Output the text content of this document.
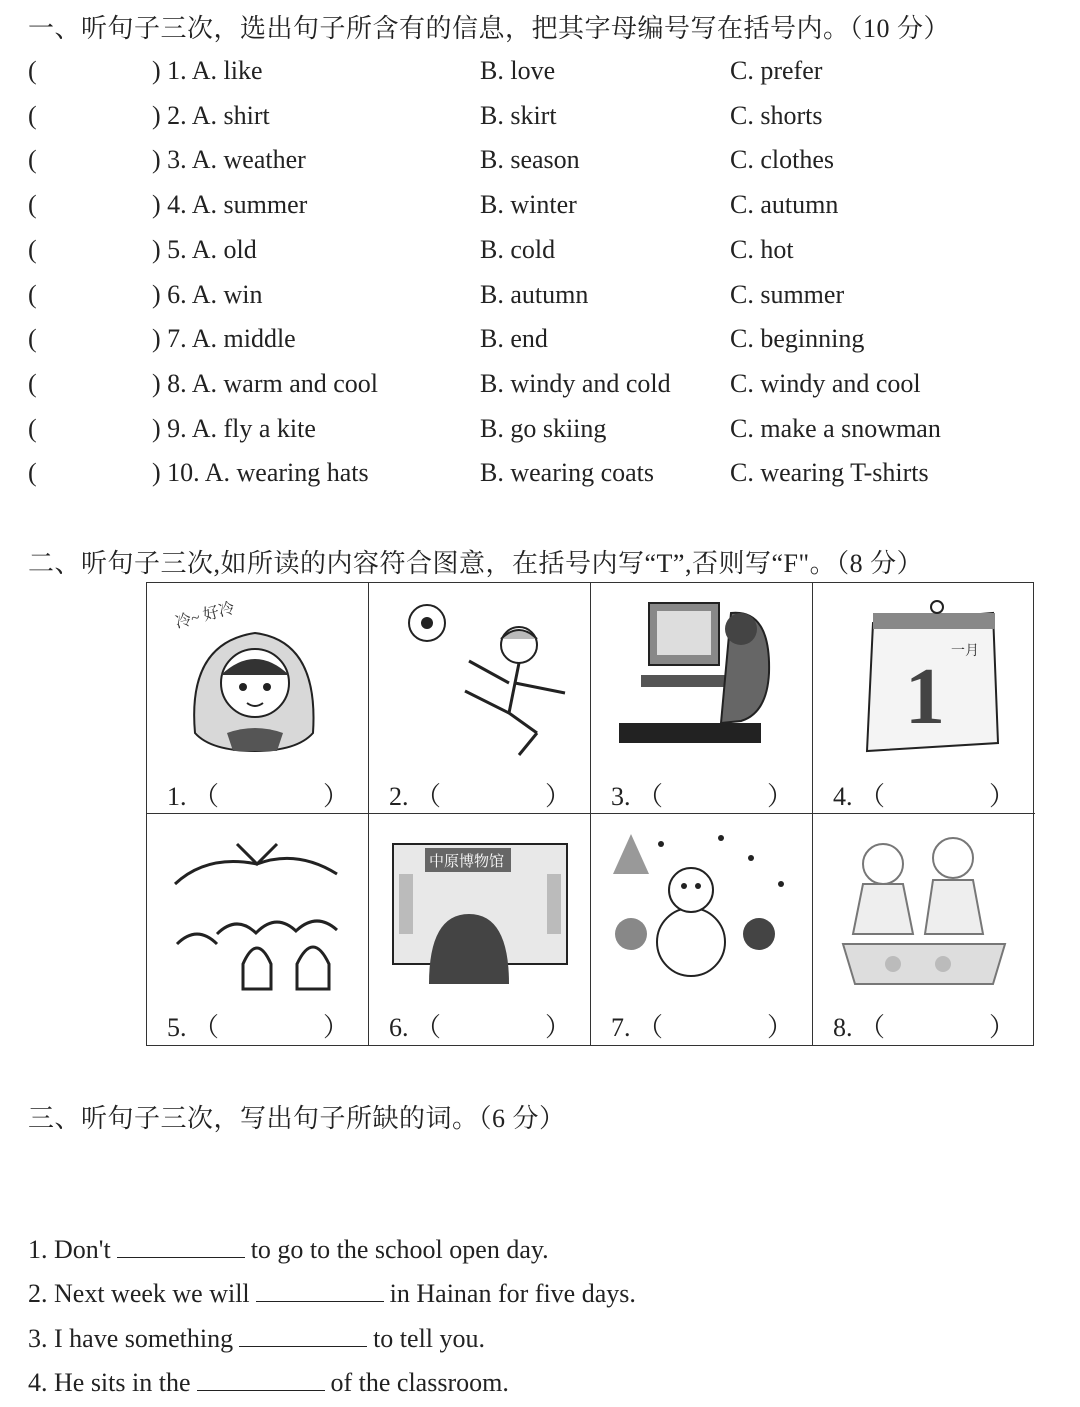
一、听句子三次，选出句子所含有的信息，把其字母编号写在括号内。（10 分）
(	) 1. A. like	B. love	C. prefer
(	) 2. A. shirt	B. skirt	C. shorts
(	) 3. A. weather	B. season	C. clothes
(	) 4. A. summer	B. winter	C. autumn
(	) 5. A. old	B. cold	C. hot
(	) 6. A. win	B. autumn	C. summer
(	) 7. A. middle	B. end	C. beginning
(	) 8. A. warm and cool	B. windy and cold C. windy and cool
(	) 9. A. fly a kite	B. go skiing	C. make a snowman
(	) 10. A. wearing hats	B. wearing coats	C. wearing T-shirts
二、听句子三次,如所读的内容符合图意，在括号内写“T”,否则写“F"。（8 分）
冷~ 好冷
1. （	） 2. （	） 3. （	）
1
一月
4. （	）
5. （	）
中原博物馆
6. （	） 7. （	） 8. （	）
三、听句子三次，写出句子所缺的词。（6 分）
1. Don't	to go to the school open day.
2. Next week we will	in Hainan for five days.
3. I have something	to tell you.
4. He sits in the	of the classroom.
